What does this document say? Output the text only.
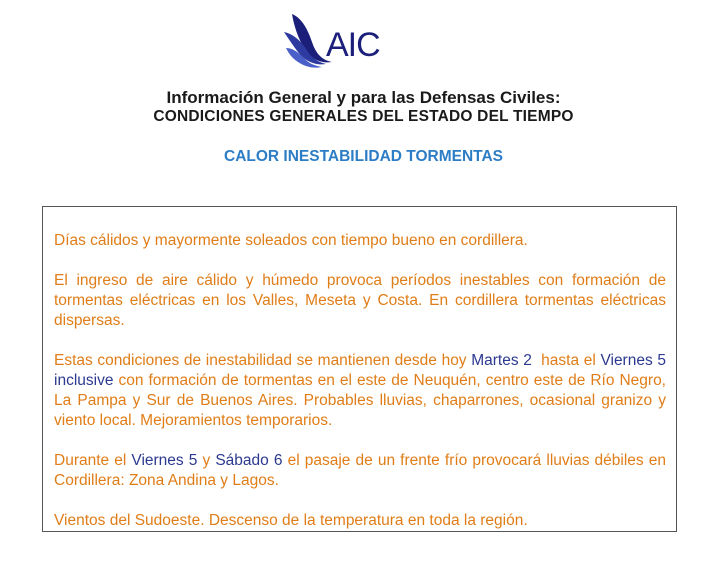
AIC
Información General y para las Defensas Civiles:
CONDICIONES GENERALES DEL ESTADO DEL TIEMPO
CALOR INESTABILIDAD TORMENTAS

Días cálidos y mayormente soleados con tiempo bueno en cordillera.

El ingreso de aire cálido y húmedo provoca períodos inestables con formación de tormentas eléctricas en los Valles, Meseta y Costa. En cordillera tormentas eléctricas dispersas.

Estas condiciones de inestabilidad se mantienen desde hoy Martes 2  hasta el Viernes 5 inclusive con formación de tormentas en el este de Neuquén, centro este de Río Negro, La Pampa y Sur de Buenos Aires. Probables lluvias, chaparrones, ocasional granizo y viento local. Mejoramientos temporarios.

Durante el Viernes 5 y Sábado 6 el pasaje de un frente frío provocará lluvias débiles en Cordillera: Zona Andina y Lagos.

Vientos del Sudoeste. Descenso de la temperatura en toda la región.
